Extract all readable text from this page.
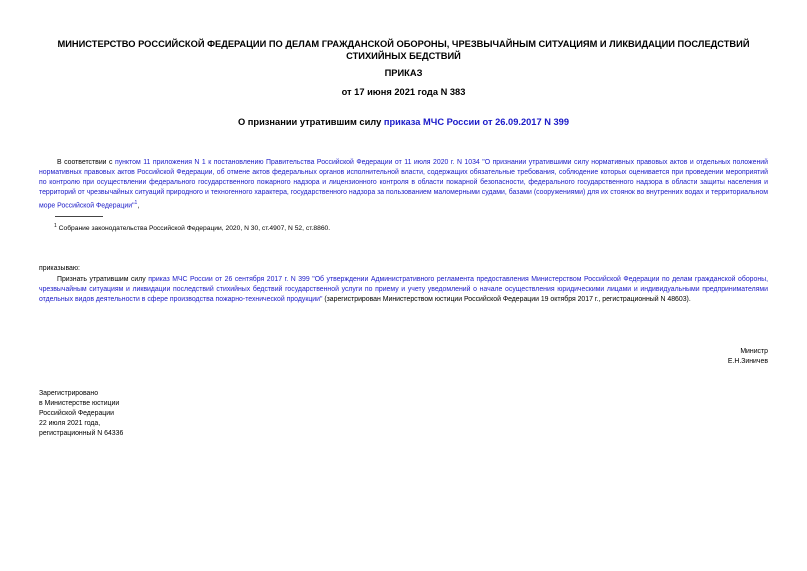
МИНИСТЕРСТВО РОССИЙСКОЙ ФЕДЕРАЦИИ ПО ДЕЛАМ ГРАЖДАНСКОЙ ОБОРОНЫ, ЧРЕЗВЫЧАЙНЫМ СИТУАЦИЯМ И ЛИКВИДАЦИИ ПОСЛЕДСТВИЙ СТИХИЙНЫХ БЕДСТВИЙ
ПРИКАЗ
от 17 июня 2021 года N 383
О признании утратившим силу приказа МЧС России от 26.09.2017 N 399
В соответствии с пунктом 11 приложения N 1 к постановлению Правительства Российской Федерации от 11 июля 2020 г. N 1034 "О признании утратившими силу нормативных правовых актов и отдельных положений нормативных правовых актов Российской Федерации, об отмене актов федеральных органов исполнительной власти, содержащих обязательные требования, соблюдение которых оценивается при проведении мероприятий по контролю при осуществлении федерального государственного пожарного надзора и лицензионного контроля в области пожарной безопасности, федерального государственного надзора в области защиты населения и территорий от чрезвычайных ситуаций природного и техногенного характера, государственного надзора за пользованием маломерными судами, базами (сооружениями) для их стоянок во внутренних водах и территориальном море Российской Федерации"$^1$,
$^1$ Собрание законодательства Российской Федерации, 2020, N 30, ст.4907, N 52, ст.8860.
приказываю:
Признать утратившим силу приказ МЧС России от 26 сентября 2017 г. N 399 "Об утверждении Административного регламента предоставления Министерством Российской Федерации по делам гражданской обороны, чрезвычайным ситуациям и ликвидации последствий стихийных бедствий государственной услуги по приему и учету уведомлений о начале осуществления юридическими лицами и индивидуальными предпринимателями отдельных видов деятельности в сфере производства пожарно-технической продукции" (зарегистрирован Министерством юстиции Российской Федерации 19 октября 2017 г., регистрационный N 48603).
Министр
Е.Н.Зиничев
Зарегистрировано
в Министерстве юстиции
Российской Федерации
22 июля 2021 года,
регистрационный N 64336
